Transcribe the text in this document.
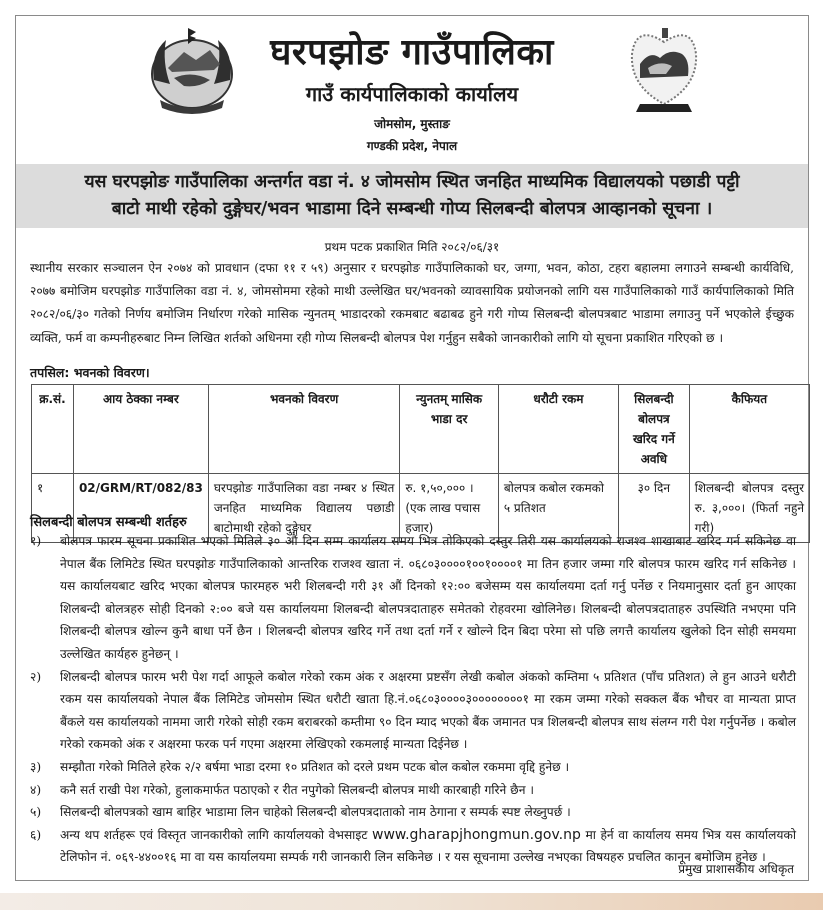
घरपझोङ गाउँपालिका
गाउँ कार्यपालिकाको कार्यालय
जोमसोम, मुस्ताङ
गण्डकी प्रदेश, नेपाल
यस घरपझोङ गाउँपालिका अन्तर्गत वडा नं. ४ जोमसोम स्थित जनहित माध्यमिक विद्यालयको पछाडी पट्टी
बाटो माथी रहेको दुङ्गेघर/भवन भाडामा दिने सम्बन्धी गोप्य सिलबन्दी बोलपत्र आव्हानको सूचना ।
प्रथम पटक प्रकाशित मिति २०८२/०६/३१
स्थानीय सरकार सञ्चालन ऐन २०७४ को प्रावधान (दफा ११ र ५९) अनुसार र घरपझोङ गाउँपालिकाको घर, जग्गा, भवन, कोठा, टहरा बहालमा लगाउने सम्बन्धी कार्यविधि, २०७७ बमोजिम घरपझोङ गाउँपालिका वडा नं. ४, जोमसोममा रहेको माथी उल्लेखित घर/भवनको व्यावसायिक प्रयोजनको लागि यस गाउँपालिकाको गाउँ कार्यपालिकाको मिति २०८२/०६/३० गतेको निर्णय बमोजिम निर्धारण गरेको मासिक न्युनतम् भाडादरको रकमबाट बढाबढ हुने गरी गोप्य सिलबन्दी बोलपत्रबाट भाडामा लगाउनु पर्ने भएकोले ईच्छुक व्यक्ति, फर्म वा कम्पनीहरुबाट निम्न लिखित शर्तको अधिनमा रही गोप्य सिलबन्दी बोलपत्र पेश गर्नुहुन सबैको जानकारीको लागि यो सूचना प्रकाशित गरिएको छ ।
तपसिल: भवनको विवरण।
क्र.सं.	आय ठेक्का नम्बर	भवनको विवरण	न्युनतम् मासिक भाडा दर	धरौटी रकम	सिलबन्दी बोलपत्र खरिद गर्ने अवधि	कैफियत
१	02/GRM/RT/082/83	घरपझोङ गाउँपालिका वडा नम्बर ४ स्थित जनहित माध्यमिक विद्यालय पछाडी बाटोमाथी रहेको दुङ्गेघर	रु. १,५०,००० । (एक लाख पचास हजार)	बोलपत्र कबोल रकमको ५ प्रतिशत	३० दिन	शिलबन्दी बोलपत्र दस्तुर रु. ३,०००। (फिर्ता नहुने गरी)
सिलबन्दी बोलपत्र सम्बन्धी शर्तहरु
१) बोलपत्र फारम सूचना प्रकाशित भएको मितिले ३० औं दिन सम्म कार्यालय समय भित्र तोकिएको दस्तुर तिरी यस कार्यालयको राजश्व शाखाबाट खरिद गर्न सकिनेछ वा नेपाल बैंक लिमिटेड स्थित घरपझोङ गाउँपालिकाको आन्तरिक राजश्व खाता नं. ०६८०३००००१००१००००१ मा तिन हजार जम्मा गरि बोलपत्र फारम खरिद गर्न सकिनेछ । यस कार्यालयबाट खरिद भएका बोलपत्र फारमहरु भरी शिलबन्दी गरी ३१ औं दिनको १२:०० बजेसम्म यस कार्यालयमा दर्ता गर्नु पर्नेछ र नियमानुसार दर्ता हुन आएका शिलबन्दी बोलत्रहरु सोही दिनको २:०० बजे यस कार्यालयमा शिलबन्दी बोलपत्रदाताहरु समेतको रोहवरमा खोलिनेछ। शिलबन्दी बोलपत्रदाताहरु उपस्थिति नभएमा पनि शिलबन्दी बोलपत्र खोल्न कुनै बाधा पर्ने छैन । शिलबन्दी बोलपत्र खरिद गर्ने तथा दर्ता गर्ने र खोल्ने दिन बिदा परेमा सो पछि लगत्तै कार्यालय खुलेको दिन सोही समयमा उल्लेखित कार्यहरु हुनेछन् ।
२) शिलबन्दी बोलपत्र फारम भरी पेश गर्दा आफूले कबोल गरेको रकम अंक र अक्षरमा प्रष्टसँग लेखी कबोल अंकको कम्तिमा ५ प्रतिशत (पाँच प्रतिशत) ले हुन आउने धरौटी रकम यस कार्यालयको नेपाल बैंक लिमिटेड जोमसोम स्थित धरौटी खाता हि.नं.०६८०३००००३००००००००१ मा रकम जम्मा गरेको सक्कल बैंक भौचर वा मान्यता प्राप्त बैंकले यस कार्यालयको नाममा जारी गरेको सोही रकम बराबरको कम्तीमा ९० दिन म्याद भएको बैंक जमानत पत्र शिलबन्दी बोलपत्र साथ संलग्न गरी पेश गर्नुपर्नेछ । कबोल गरेको रकमको अंक र अक्षरमा फरक पर्न गएमा अक्षरमा लेखिएको रकमलाई मान्यता दिईनेछ ।
३) सम्झौता गरेको मितिले हरेक २/२ बर्षमा भाडा दरमा १० प्रतिशत को दरले प्रथम पटक बोल कबोल रकममा वृद्दि हुनेछ ।
४) कनै सर्त राखी पेश गरेको, हुलाकमार्फत पठाएको र रीत नपुगेको सिलबन्दी बोलपत्र माथी कारबाही गरिने छैन ।
५) सिलबन्दी बोलपत्रको खाम बाहिर भाडामा लिन चाहेको सिलबन्दी बोलपत्रदाताको नाम ठेगाना र सम्पर्क स्पष्ट लेख्नुपर्छ ।
६) अन्य थप शर्तहरू एवं विस्तृत जानकारीको लागि कार्यालयको वेभसाइट www.gharapjhongmun.gov.np मा हेर्न वा कार्यालय समय भित्र यस कार्यालयको टेलिफोन नं. ०६९-४४००१६ मा वा यस कार्यालयमा सम्पर्क गरी जानकारी लिन सकिनेछ । र यस सूचनामा उल्लेख नभएका विषयहरु प्रचलित कानून बमोजिम हुनेछ ।
प्रमुख प्राशासकीय अधिकृत
